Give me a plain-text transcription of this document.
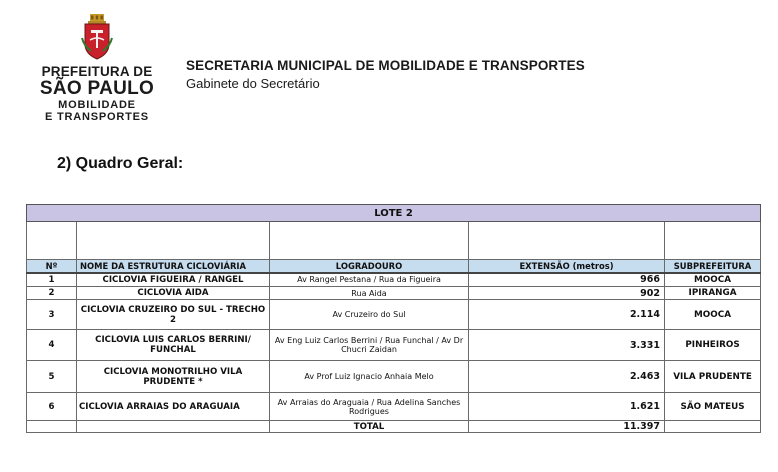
PREFEITURA DE
SÃO PAULO
MOBILIDADE
E TRANSPORTES
SECRETARIA MUNICIPAL DE MOBILIDADE E TRANSPORTES
Gabinete do Secretário
2) Quadro Geral:
LOTE 2				

Nº	NOME DA ESTRUTURA CICLOVIÁRIA	LOGRADOURO	EXTENSÃO (metros)	SUBPREFEITURA
1	CICLOVIA FIGUEIRA / RANGEL	Av Rangel Pestana / Rua da Figueira	966	MOOCA
2	CICLOVIA AIDA	Rua Aida	902	IPIRANGA
3	CICLOVIA CRUZEIRO DO SUL - TRECHO 2	Av Cruzeiro do Sul	2.114	MOOCA
4	CICLOVIA LUIS CARLOS BERRINI/ FUNCHAL	Av Eng Luiz Carlos Berrini / Rua Funchal / Av Dr Chucri Zaidan	3.331	PINHEIROS
5	CICLOVIA MONOTRILHO VILA PRUDENTE *	Av Prof Luiz Ignacio Anhaia Melo	2.463	VILA PRUDENTE
6	CICLOVIA ARRAIAS DO ARAGUAIA	Av Arraias do Araguaia / Rua Adelina Sanches Rodrigues	1.621	SÃO MATEUS
		TOTAL	11.397	
